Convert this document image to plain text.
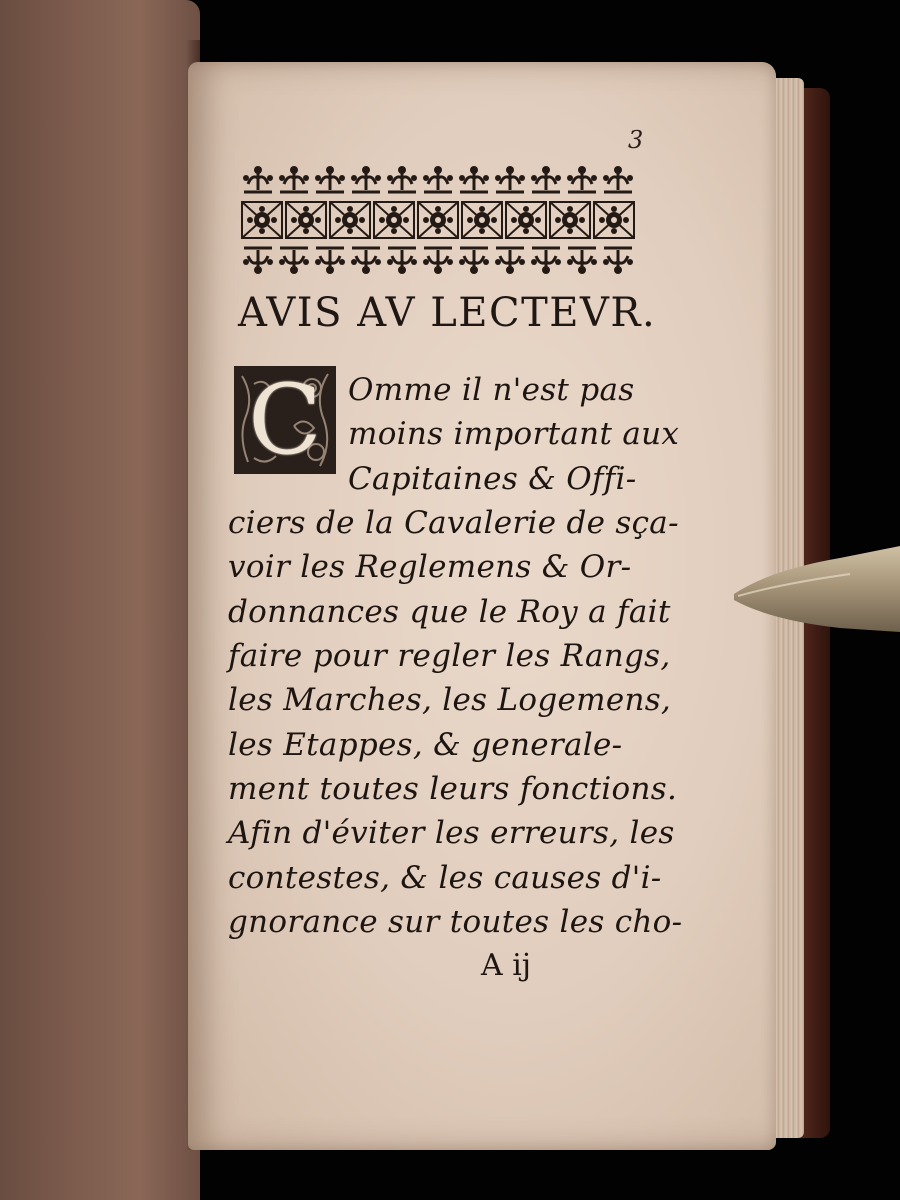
3
AVIS AV LECTEVR.
C Omme il n'est pas
moins important aux
Capitaines & Offi-
ciers de la Cavalerie de sça-
voir les Reglemens & Or-
donnances que le Roy a fait
faire pour regler les Rangs,
les Marches, les Logemens,
les Etappes, & generale-
ment toutes leurs fonctions.
Afin d'éviter les erreurs, les
contestes, & les causes d'i-
gnorance sur toutes les cho-
A ij
